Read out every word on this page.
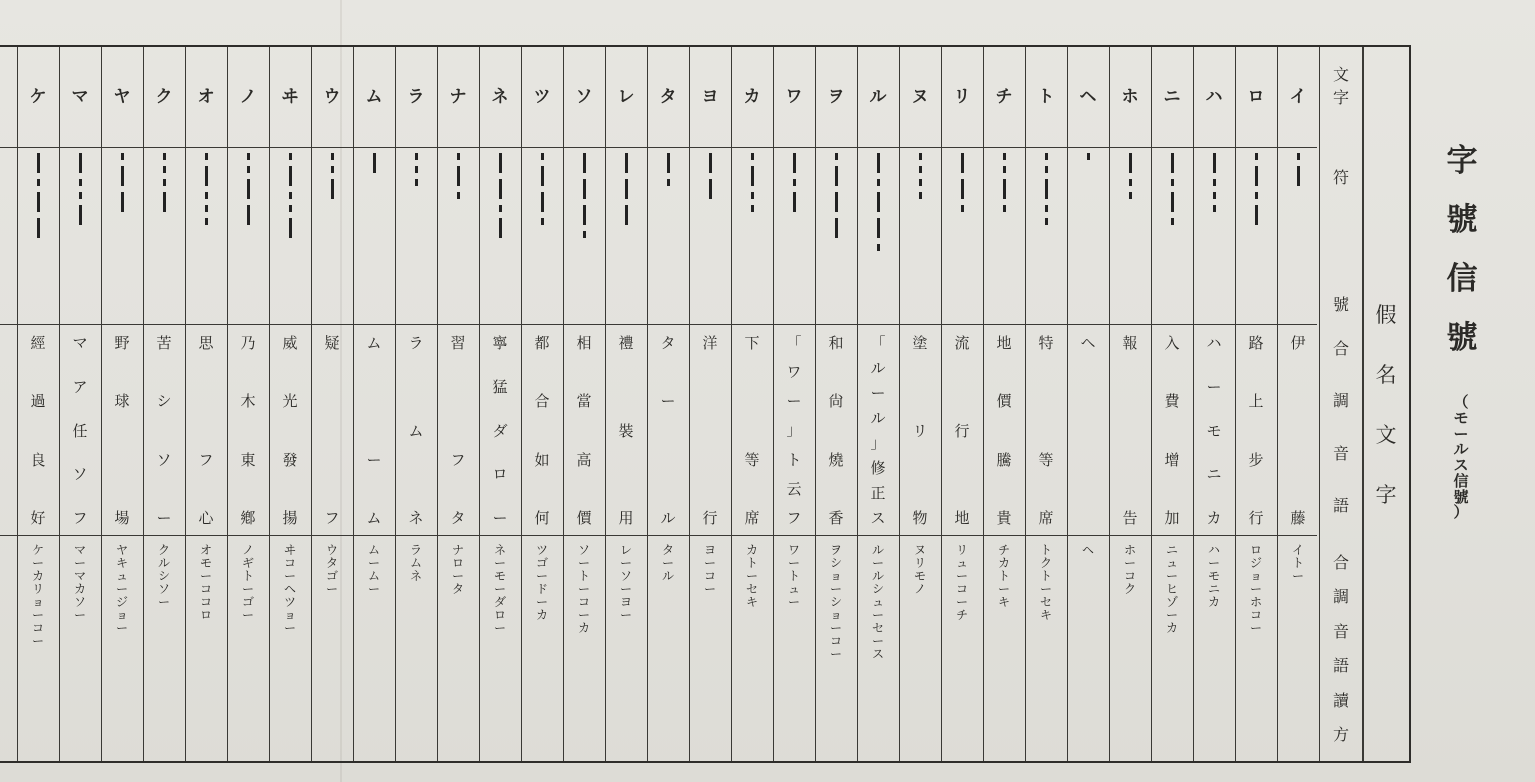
イ
伊

藤
イ
ト
ー
ロ
路
上
步
行
ロ
ジ
ョ
ー
ホ
コ
ー
ハ
ハ
ー
モ
ニ
カ
ハ
ー
モ
ニ
カ
ニ
入
費
增
加
ニ
ュ
ー
ヒ
ゾ
ー
カ
ホ
報

告
ホ
ー
コ
ク
ヘ
ヘ
ヘ
ト
特

等
席
ト
ク
ト
ー
セ
キ
チ
地
價
騰
貴
チ
カ
ト
ー
キ
リ
流
行
地
リ
ュ
ー
コ
ー
チ
ヌ
塗
リ
物
ヌ
リ
モ
ノ
ル
「
ル
ー
ル
」
修
正
ス
ル
ー
ル
シ
ュ
ー
セ
ー
ス
ヲ
和
尙
燒
香
ヲ
シ
ョ
ー
シ
ョ
ー
コ
ー
ワ
「
ワ
ー
」
ト
云
フ
ワ
ー
ト
ュ
ー
カ
下

等
席
カ
ト
ー
セ
キ
ヨ
洋

行
ヨ
ー
コ
ー
タ
タ
ー

ル
タ
ー
ル
レ
禮
裝
用
レ
ー
ソ
ー
ヨ
ー
ソ
相
當
高
價
ソ
ー
ト
ー
コ
ー
カ
ツ
都
合
如
何
ツ
ゴ
ー
ド
ー
カ
ネ
寧
猛
ダ
ロ
ー
ネ
ー
モ
ー
ダ
ロ
ー
ナ
習

フ
タ
ナ
ロ
ー
タ
ラ
ラ
ム
ネ
ラ
ム
ネ
ム
ム

ー
ム
ム
ー
ム
ー
ウ
疑

フ
ウ
タ
ゴ
ー
ヰ
威
光
發
揚
ヰ
コ
ー
ヘ
ツ
ョ
ー
ノ
乃
木
東
鄕
ノ
ギ
ト
ー
ゴ
ー
オ
思

フ
心
オ
モ
ー
コ
コ
ロ
ク
苦
シ
ソ
ー
ク
ル
シ
ソ
ー
ヤ
野
球

場
ヤ
キ
ュ
ー
ジ
ョ
ー
マ
マ
ア
任
ソ
フ
マ
ー
マ
カ
ソ
ー
ケ
經
過
良
好
ケ
ー
カ
リ
ョ
ー
コ
ー
文
字
符
號
合
調
音
語
合
調
音
語
讀
方
假
名
文
字
字
號
信
號
（
モ
ー
ル
ス
信
號
）
